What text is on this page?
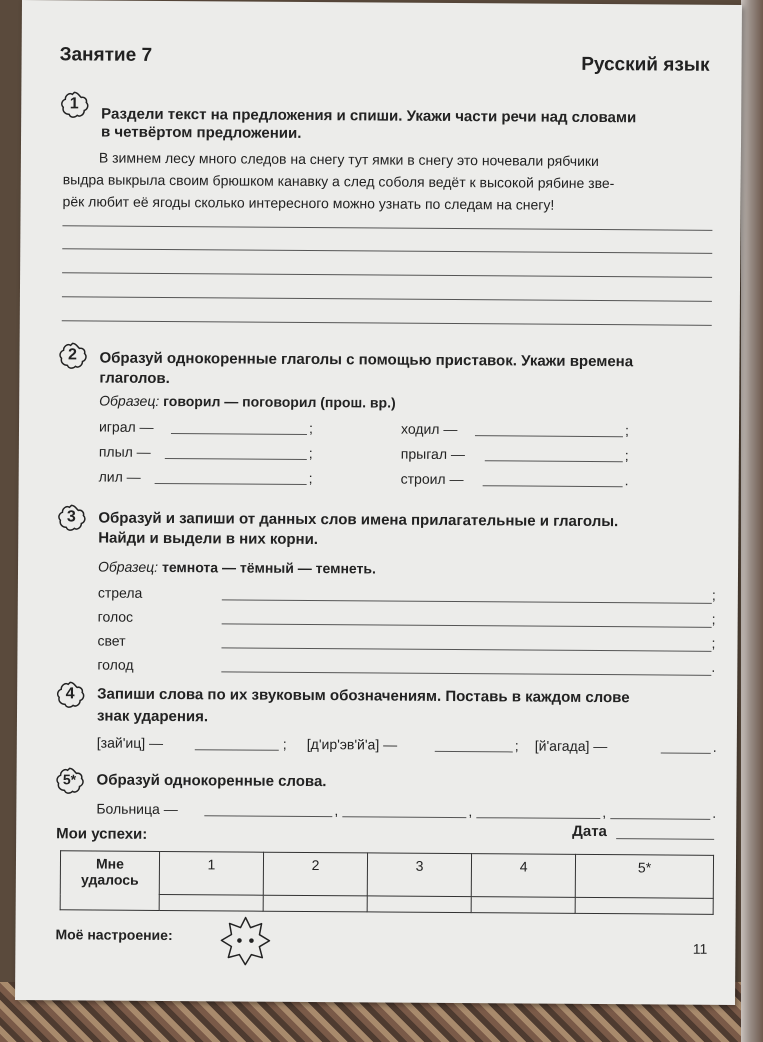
Занятие 7	Русский язык
1
Раздели текст на предложения и спиши. Укажи части речи над словами
в четвёртом предложении.
В зимнем лесу много следов на снегу тут ямки в снегу это ночевали рябчики
выдра выкрыла своим брюшком канавку а след соболя ведёт к высокой рябине зве-
рёк любит её ягоды сколько интересного можно узнать по следам на снегу!
2	Образуй однокоренные глаголы с помощью приставок. Укажи времена
глаголов.
Образец: говорил — поговорил (прош. вр.)
играл —	;
плыл —	;
лил —	;
ходил —	;
прыгал —	;
строил —	.
3	Образуй и запиши от данных слов имена прилагательные и глаголы.
Найди и выдели в них корни.
Образец: темнота — тёмный — темнеть.
стрела	;
голос	;
свет	;
голод	.
4	Запиши слова по их звуковым обозначениям. Поставь в каждом слове
знак ударения.
[зай'иц] —	; [д'ир'эв'й'а] —	; [й'агада] —	.
5*	Образуй однокоренные слова.
Больница —	,	,	,	.
Мои успехи:	Дата
Мне
удалось	1	2	3	4	5*

Моё настроение:
11
